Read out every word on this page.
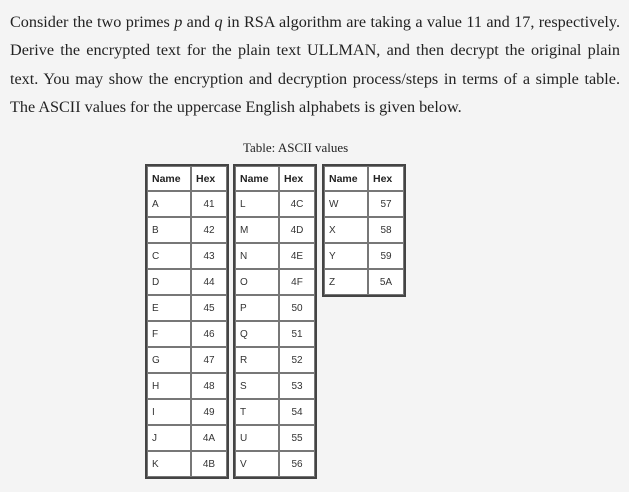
Consider the two primes p and q in RSA algorithm are taking a value 11 and 17, respectively. Derive the encrypted text for the plain text ULLMAN, and then decrypt the original plain text. You may show the encryption and decryption process/steps in terms of a simple table. The ASCII values for the uppercase English alphabets is given below.
Table: ASCII values
Name	Hex
A	41
B	42
C	43
D	44
E	45
F	46
G	47
H	48
I	49
J	4A
K	4B
Name	Hex
L	4C
M	4D
N	4E
O	4F
P	50
Q	51
R	52
S	53
T	54
U	55
V	56
Name	Hex
W	57
X	58
Y	59
Z	5A
